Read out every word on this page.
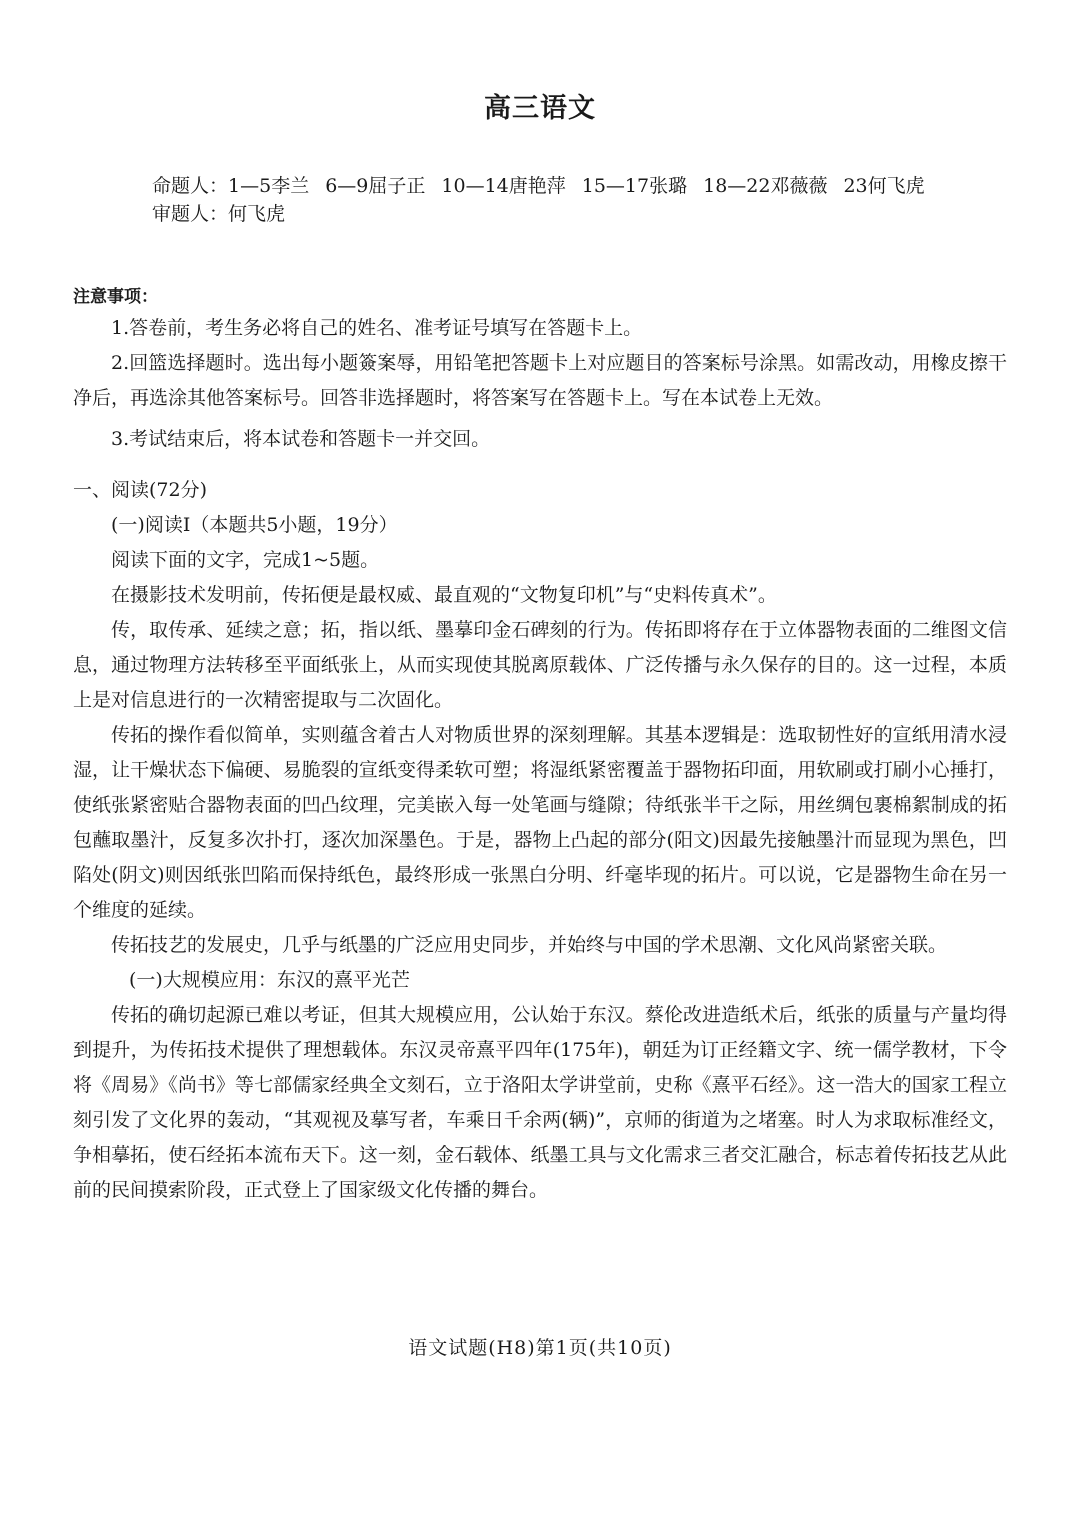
高三语文
命题人：1—5李兰 6—9屈子正 10—14唐艳萍 15—17张璐 18—22邓薇薇 23何飞虎
审题人：何飞虎
注意事项：

1.答卷前，考生务必将自己的姓名、准考证号填写在答题卡上。

2.回篮选择题时。选出每小题簽案辱，用铅笔把答题卡上对应题目的答案标号涂黑。如需改动，用橡皮擦干净后，再选涂其他答案标号。回答非选择题时，将答案写在答题卡上。写在本试卷上无效。

3.考试结束后，将本试卷和答题卡一并交回。

一、阅读(72分)

(一)阅读I（本题共5小题，19分）

阅读下面的文字，完成1~5题。

在摄影技术发明前，传拓便是最权威、最直观的“文物复印机”与“史料传真术”。

传，取传承、延续之意；拓，指以纸、墨摹印金石碑刻的行为。传拓即将存在于立体器物表面的二维图文信息，通过物理方法转移至平面纸张上，从而实现使其脱离原载体、广泛传播与永久保存的目的。这一过程，本质上是对信息进行的一次精密提取与二次固化。

传拓的操作看似简单，实则蕴含着古人对物质世界的深刻理解。其基本逻辑是：选取韧性好的宣纸用清水浸湿，让干燥状态下偏硬、易脆裂的宣纸变得柔软可塑；将湿纸紧密覆盖于器物拓印面，用软刷或打刷小心捶打，使纸张紧密贴合器物表面的凹凸纹理，完美嵌入每一处笔画与缝隙；待纸张半干之际，用丝绸包裹棉絮制成的拓包蘸取墨汁，反复多次扑打，逐次加深墨色。于是，器物上凸起的部分(阳文)因最先接触墨汁而显现为黑色，凹陷处(阴文)则因纸张凹陷而保持纸色，最终形成一张黑白分明、纤毫毕现的拓片。可以说，它是器物生命在另一个维度的延续。

传拓技艺的发展史，几乎与纸墨的广泛应用史同步，并始终与中国的学术思潮、文化风尚紧密关联。

(一)大规模应用：东汉的熹平光芒

传拓的确切起源已难以考证，但其大规模应用，公认始于东汉。蔡伦改进造纸术后，纸张的质量与产量均得到提升，为传拓技术提供了理想载体。东汉灵帝熹平四年(175年)，朝廷为订正经籍文字、统一儒学教材，下令将《周易》《尚书》等七部儒家经典全文刻石，立于洛阳太学讲堂前，史称《熹平石经》。这一浩大的国家工程立刻引发了文化界的轰动，“其观视及摹写者，车乘日千余两(辆)”，京师的街道为之堵塞。时人为求取标准经文，争相摹拓，使石经拓本流布天下。这一刻，金石载体、纸墨工具与文化需求三者交汇融合，标志着传拓技艺从此前的民间摸索阶段，正式登上了国家级文化传播的舞台。

语文试题(H8)第1页(共10页)
